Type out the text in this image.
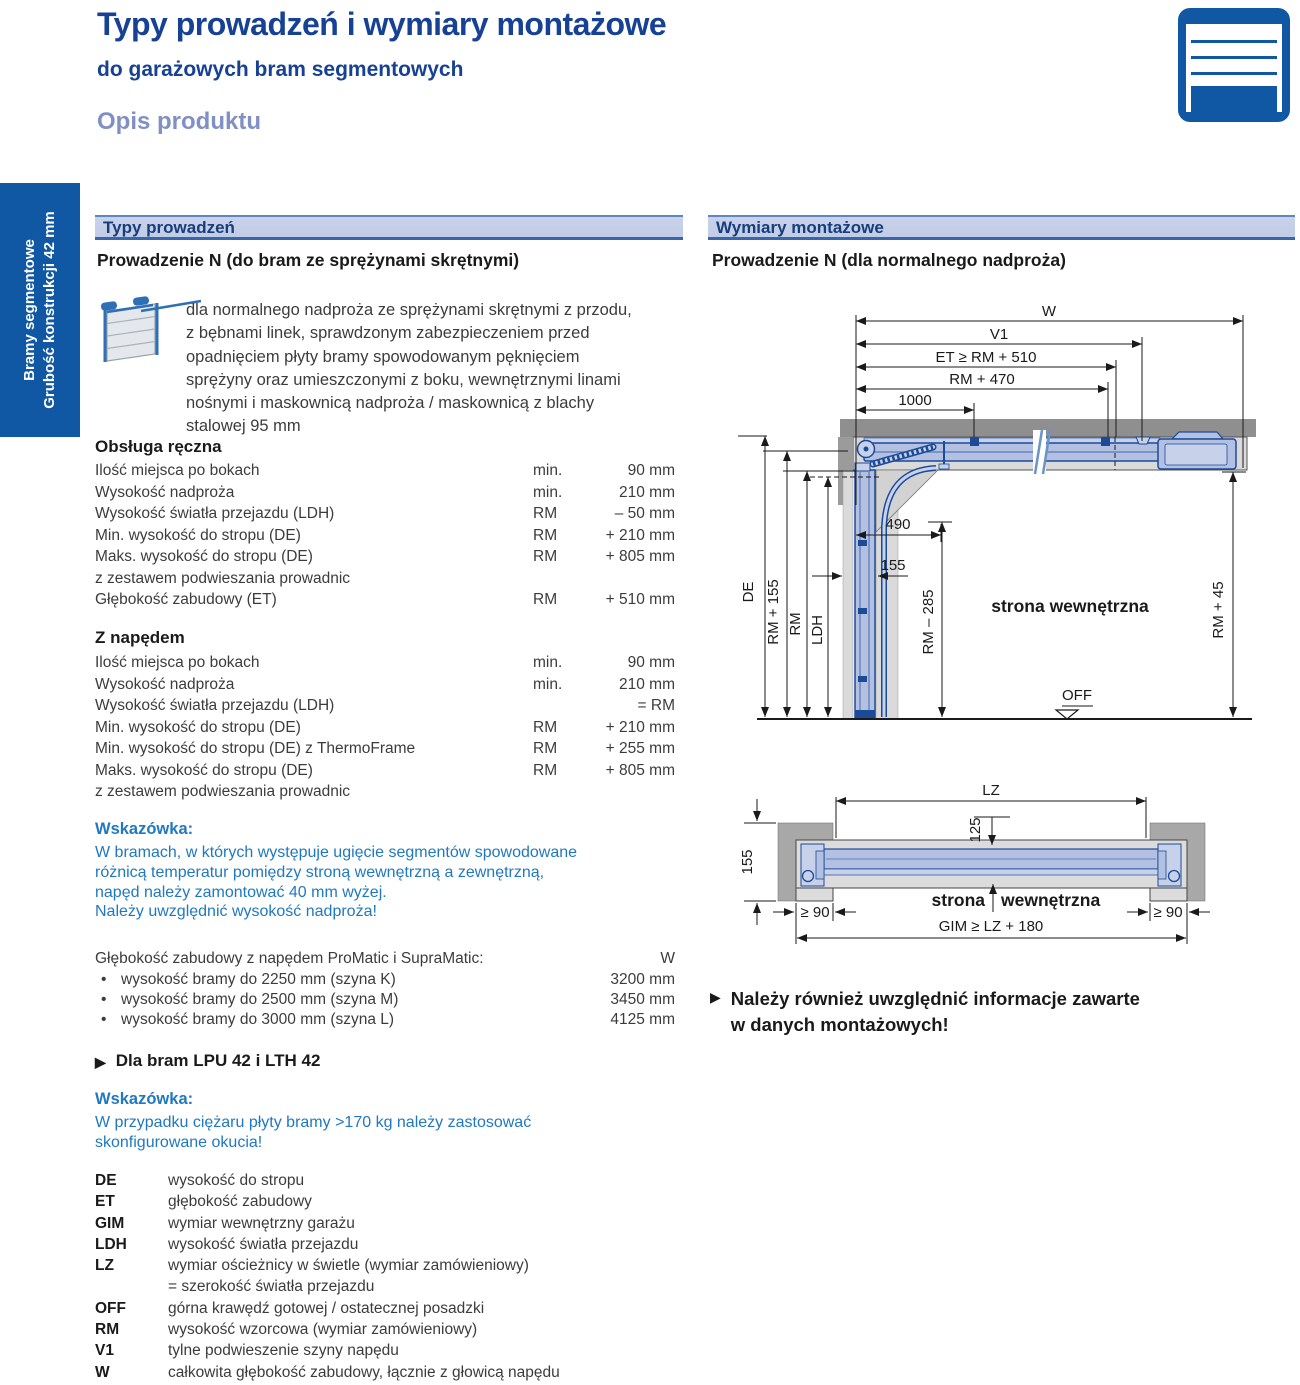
Typy prowadzeń i wymiary montażowe
do garażowych bram segmentowych
Opis produktu
Bramy segmentowe Grubość konstrukcji 42 mm	Typy prowadzeń
Prowadzenie N (do bram ze sprężynami skrętnymi)
dla normalnego nadproża ze sprężynami skrętnymi z przodu,
z bębnami linek, sprawdzonym zabezpieczeniem przed
opadnięciem płyty bramy spowodowanym pęknięciem
sprężyny oraz umieszczonymi z boku, wewnętrznymi linami
nośnymi i maskownicą nadproża / maskownicą z blachy
stalowej 95 mm
Obsługa ręczna
Ilość miejsca po bokach	min.	90 mm
Wysokość nadproża	min.	210 mm
Wysokość światła przejazdu (LDH)	RM	– 50 mm
Min. wysokość do stropu (DE)	RM	+ 210 mm
Maks. wysokość do stropu (DE)	RM	+ 805 mm
z zestawem podwieszania prowadnic
Głębokość zabudowy (ET)	RM	+ 510 mm
Z napędem
Ilość miejsca po bokach	min.	90 mm
Wysokość nadproża	min.	210 mm
Wysokość światła przejazdu (LDH)	= RM
Min. wysokość do stropu (DE)	RM	+ 210 mm
Min. wysokość do stropu (DE) z ThermoFrame	RM	+ 255 mm
Maks. wysokość do stropu (DE)	RM	+ 805 mm
z zestawem podwieszania prowadnic
Wskazówka:
W bramach, w których występuje ugięcie segmentów spowodowane
różnicą temperatur pomiędzy stroną wewnętrzną a zewnętrzną,
napęd należy zamontować 40 mm wyżej.
Należy uwzględnić wysokość nadproża!
Głębokość zabudowy z napędem ProMatic i SupraMatic:	W
• wysokość bramy do 2250 mm (szyna K)	3200 mm
• wysokość bramy do 2500 mm (szyna M)	3450 mm
• wysokość bramy do 3000 mm (szyna L)	4125 mm
▶ Dla bram LPU 42 i LTH 42
Wskazówka:
W przypadku ciężaru płyty bramy >170 kg należy zastosować
skonfigurowane okucia!
DE	wysokość do stropu
ET	głębokość zabudowy
GIM	wymiar wewnętrzny garażu
LDH	wysokość światła przejazdu
LZ	wymiar ościeżnicy w świetle (wymiar zamówieniowy)
= szerokość światła przejazdu
OFF	górna krawędź gotowej / ostatecznej posadzki
RM	wysokość wzorcowa (wymiar zamówieniowy)
V1	tylne podwieszenie szyny napędu
W	całkowita głębokość zabudowy, łącznie z głowicą napędu
Wymiary montażowe
Prowadzenie N (dla normalnego nadproża)
W
V1
ET ≥ RM + 510
RM + 470
1000
490
155
RM – 285
DE RM + 155 RM LDH	RM + 45
OFF
strona wewnętrzna
LZ
125
155
≥ 90	≥ 90
GIM ≥ LZ + 180
strona wewnętrzna
▶ Należy również uwzględnić informacje zawarte
w danych montażowych!
